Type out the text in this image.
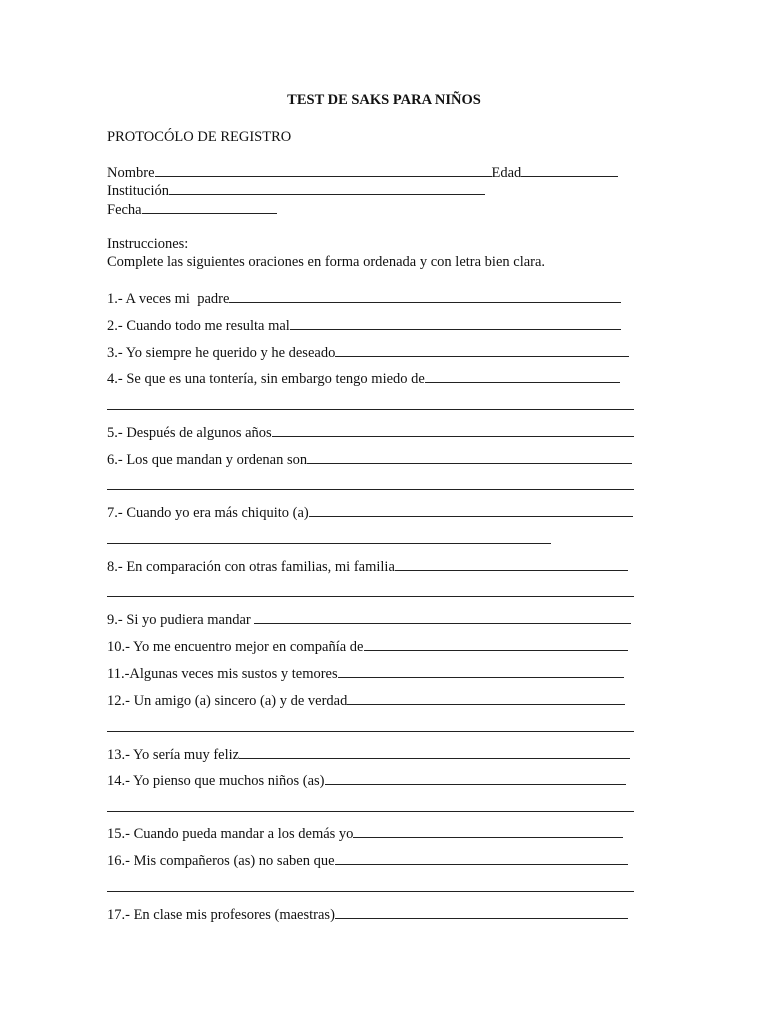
TEST DE SAKS PARA NIÑOS
PROTOCÓLO DE REGISTRO
Nombre	Edad
Institución
Fecha
Instrucciones:
Complete las siguientes oraciones en forma ordenada y con letra bien clara.
1.- A veces mi  padre
2.- Cuando todo me resulta mal
3.- Yo siempre he querido y he deseado
4.- Se que es una tontería, sin embargo tengo miedo de
5.- Después de algunos años
6.- Los que mandan y ordenan son
7.- Cuando yo era más chiquito (a)
8.- En comparación con otras familias, mi familia
9.- Si yo pudiera mandar
10.- Yo me encuentro mejor en compañía de
11.-Algunas veces mis sustos y temores
12.- Un amigo (a) sincero (a) y de verdad
13.- Yo sería muy feliz
14.- Yo pienso que muchos niños (as)
15.- Cuando pueda mandar a los demás yo
16.- Mis compañeros (as) no saben que
17.- En clase mis profesores (maestras)
